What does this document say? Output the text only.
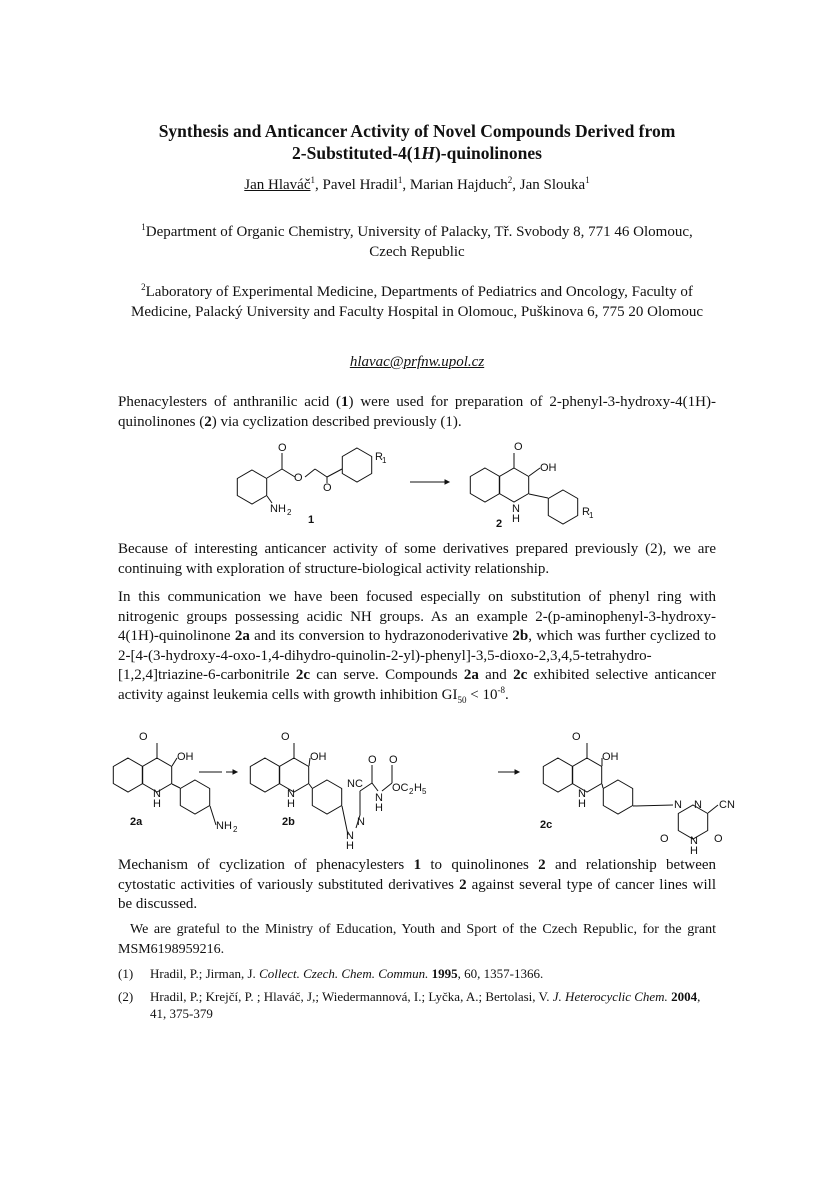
Synthesis and Anticancer Activity of Novel Compounds Derived from
2-Substituted-4(1H)-quinolinones
Jan Hlaváč$^1$, Pavel Hradil$^1$, Marian Hajduch$^2$, Jan Slouka$^1$
$^1$Department of Organic Chemistry, University of Palacky, Tř. Svobody 8, 771 46 Olomouc, Czech Republic
$^2$Laboratory of Experimental Medicine, Departments of Pediatrics and Oncology, Faculty of Medicine, Palacký University and Faculty Hospital in Olomouc, Puškinova 6, 775 20 Olomouc
hlavac@prfnw.upol.cz
Phenacylesters of anthranilic acid (1) were used for preparation of 2-phenyl-3-hydroxy-4(1H)-quinolinones (2) via cyclization described previously (1).
O
O
O
NH 2
R 1
1
O
OH
N
H
R 1
2
Because of interesting anticancer activity of some derivatives prepared previously (2), we are continuing with exploration of structure-biological activity relationship.
In this communication we have been focused especially on substitution of phenyl ring with nitrogenic groups possessing acidic NH groups. As an example 2-(p-aminophenyl-3-hydroxy-4(1H)-quinolinone 2a and its conversion to hydrazonoderivative 2b, which was further cyclized to 2-[4-(3-hydroxy-4-oxo-1,4-dihydro-quinolin-2-yl)-phenyl]-3,5-dioxo-2,3,4,5-tetrahydro-[1,2,4]triazine-6-carbonitrile 2c can serve. Compounds 2a and 2c exhibited selective anticancer activity against leukemia cells with growth inhibition $GI_{50} < 10^{-8}$.
O
OH
N
H
NH 2
2a
O
OH
N
H
NC
O O
N
H
OC 2 H 5
N
N
H
2b
O
OH
N
H	N N CN
O	O
N
H
2c
Mechanism of cyclization of phenacylesters 1 to quinolinones 2 and relationship between cytostatic activities of variously substituted derivatives 2 against several type of cancer lines will be discussed.
We are grateful to the Ministry of Education, Youth and Sport of the Czech Republic, for the grant MSM6198959216.
(1) Hradil, P.; Jirman, J. Collect. Czech. Chem. Commun. 1995, 60, 1357-1366.
(2) Hradil, P.; Krejčí, P. ; Hlaváč, J,; Wiedermannová, I.; Lyčka, A.; Bertolasi, V. J. Heterocyclic Chem. 2004, 41, 375-379
